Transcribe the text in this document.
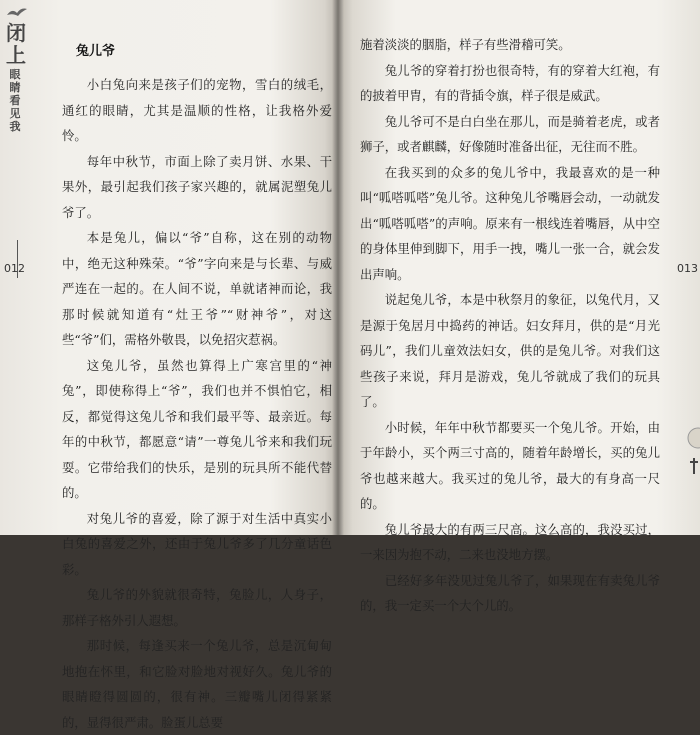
闭上
眼
睛
看
见
我
012
兔儿爷

小白兔向来是孩子们的宠物，雪白的绒毛，通红的眼睛，尤其是温顺的性格，让我格外爱怜。

每年中秋节，市面上除了卖月饼、水果、干果外，最引起我们孩子家兴趣的，就属泥塑兔儿爷了。

本是兔儿，偏以“爷”自称，这在别的动物中，绝无这种殊荣。“爷”字向来是与长辈、与威严连在一起的。在人间不说，单就诸神而论，我那时候就知道有“灶王爷”“财神爷”，对这些“爷”们，需格外敬畏，以免招灾惹祸。

这兔儿爷，虽然也算得上广寒宫里的“神兔”，即使称得上“爷”，我们也并不惧怕它，相反，都觉得这兔儿爷和我们最平等、最亲近。每年的中秋节，都愿意“请”一尊兔儿爷来和我们玩耍。它带给我们的快乐，是别的玩具所不能代替的。

对兔儿爷的喜爱，除了源于对生活中真实小白兔的喜爱之外，还由于兔儿爷多了几分童话色彩。

兔儿爷的外貌就很奇特，兔脸儿，人身子，那样子格外引人遐想。

那时候，每逢买来一个兔儿爷，总是沉甸甸地抱在怀里，和它脸对脸地对视好久。兔儿爷的眼睛瞪得圆圆的，很有神。三瓣嘴儿闭得紧紧的，显得很严肃。脸蛋儿总要

013

施着淡淡的胭脂，样子有些滑稽可笑。

兔儿爷的穿着打扮也很奇特，有的穿着大红袍，有的披着甲胄，有的背插令旗，样子很是威武。

兔儿爷可不是白白坐在那儿，而是骑着老虎，或者狮子，或者麒麟，好像随时准备出征，无往而不胜。

在我买到的众多的兔儿爷中，我最喜欢的是一种叫“呱嗒呱嗒”兔儿爷。这种兔儿爷嘴唇会动，一动就发出“呱嗒呱嗒”的声响。原来有一根线连着嘴唇，从中空的身体里伸到脚下，用手一拽，嘴儿一张一合，就会发出声响。

说起兔儿爷，本是中秋祭月的象征，以兔代月，又是源于兔居月中捣药的神话。妇女拜月，供的是“月光码儿”，我们儿童效法妇女，供的是兔儿爷。对我们这些孩子来说，拜月是游戏，兔儿爷就成了我们的玩具了。

小时候，年年中秋节都要买一个兔儿爷。开始，由于年龄小，买个两三寸高的，随着年龄增长，买的兔儿爷也越来越大。我买过的兔儿爷，最大的有身高一尺的。

兔儿爷最大的有两三尺高。这么高的，我没买过，一来因为抱不动，二来也没地方摆。

已经好多年没见过兔儿爷了，如果现在有卖兔儿爷的，我一定买一个大个儿的。
